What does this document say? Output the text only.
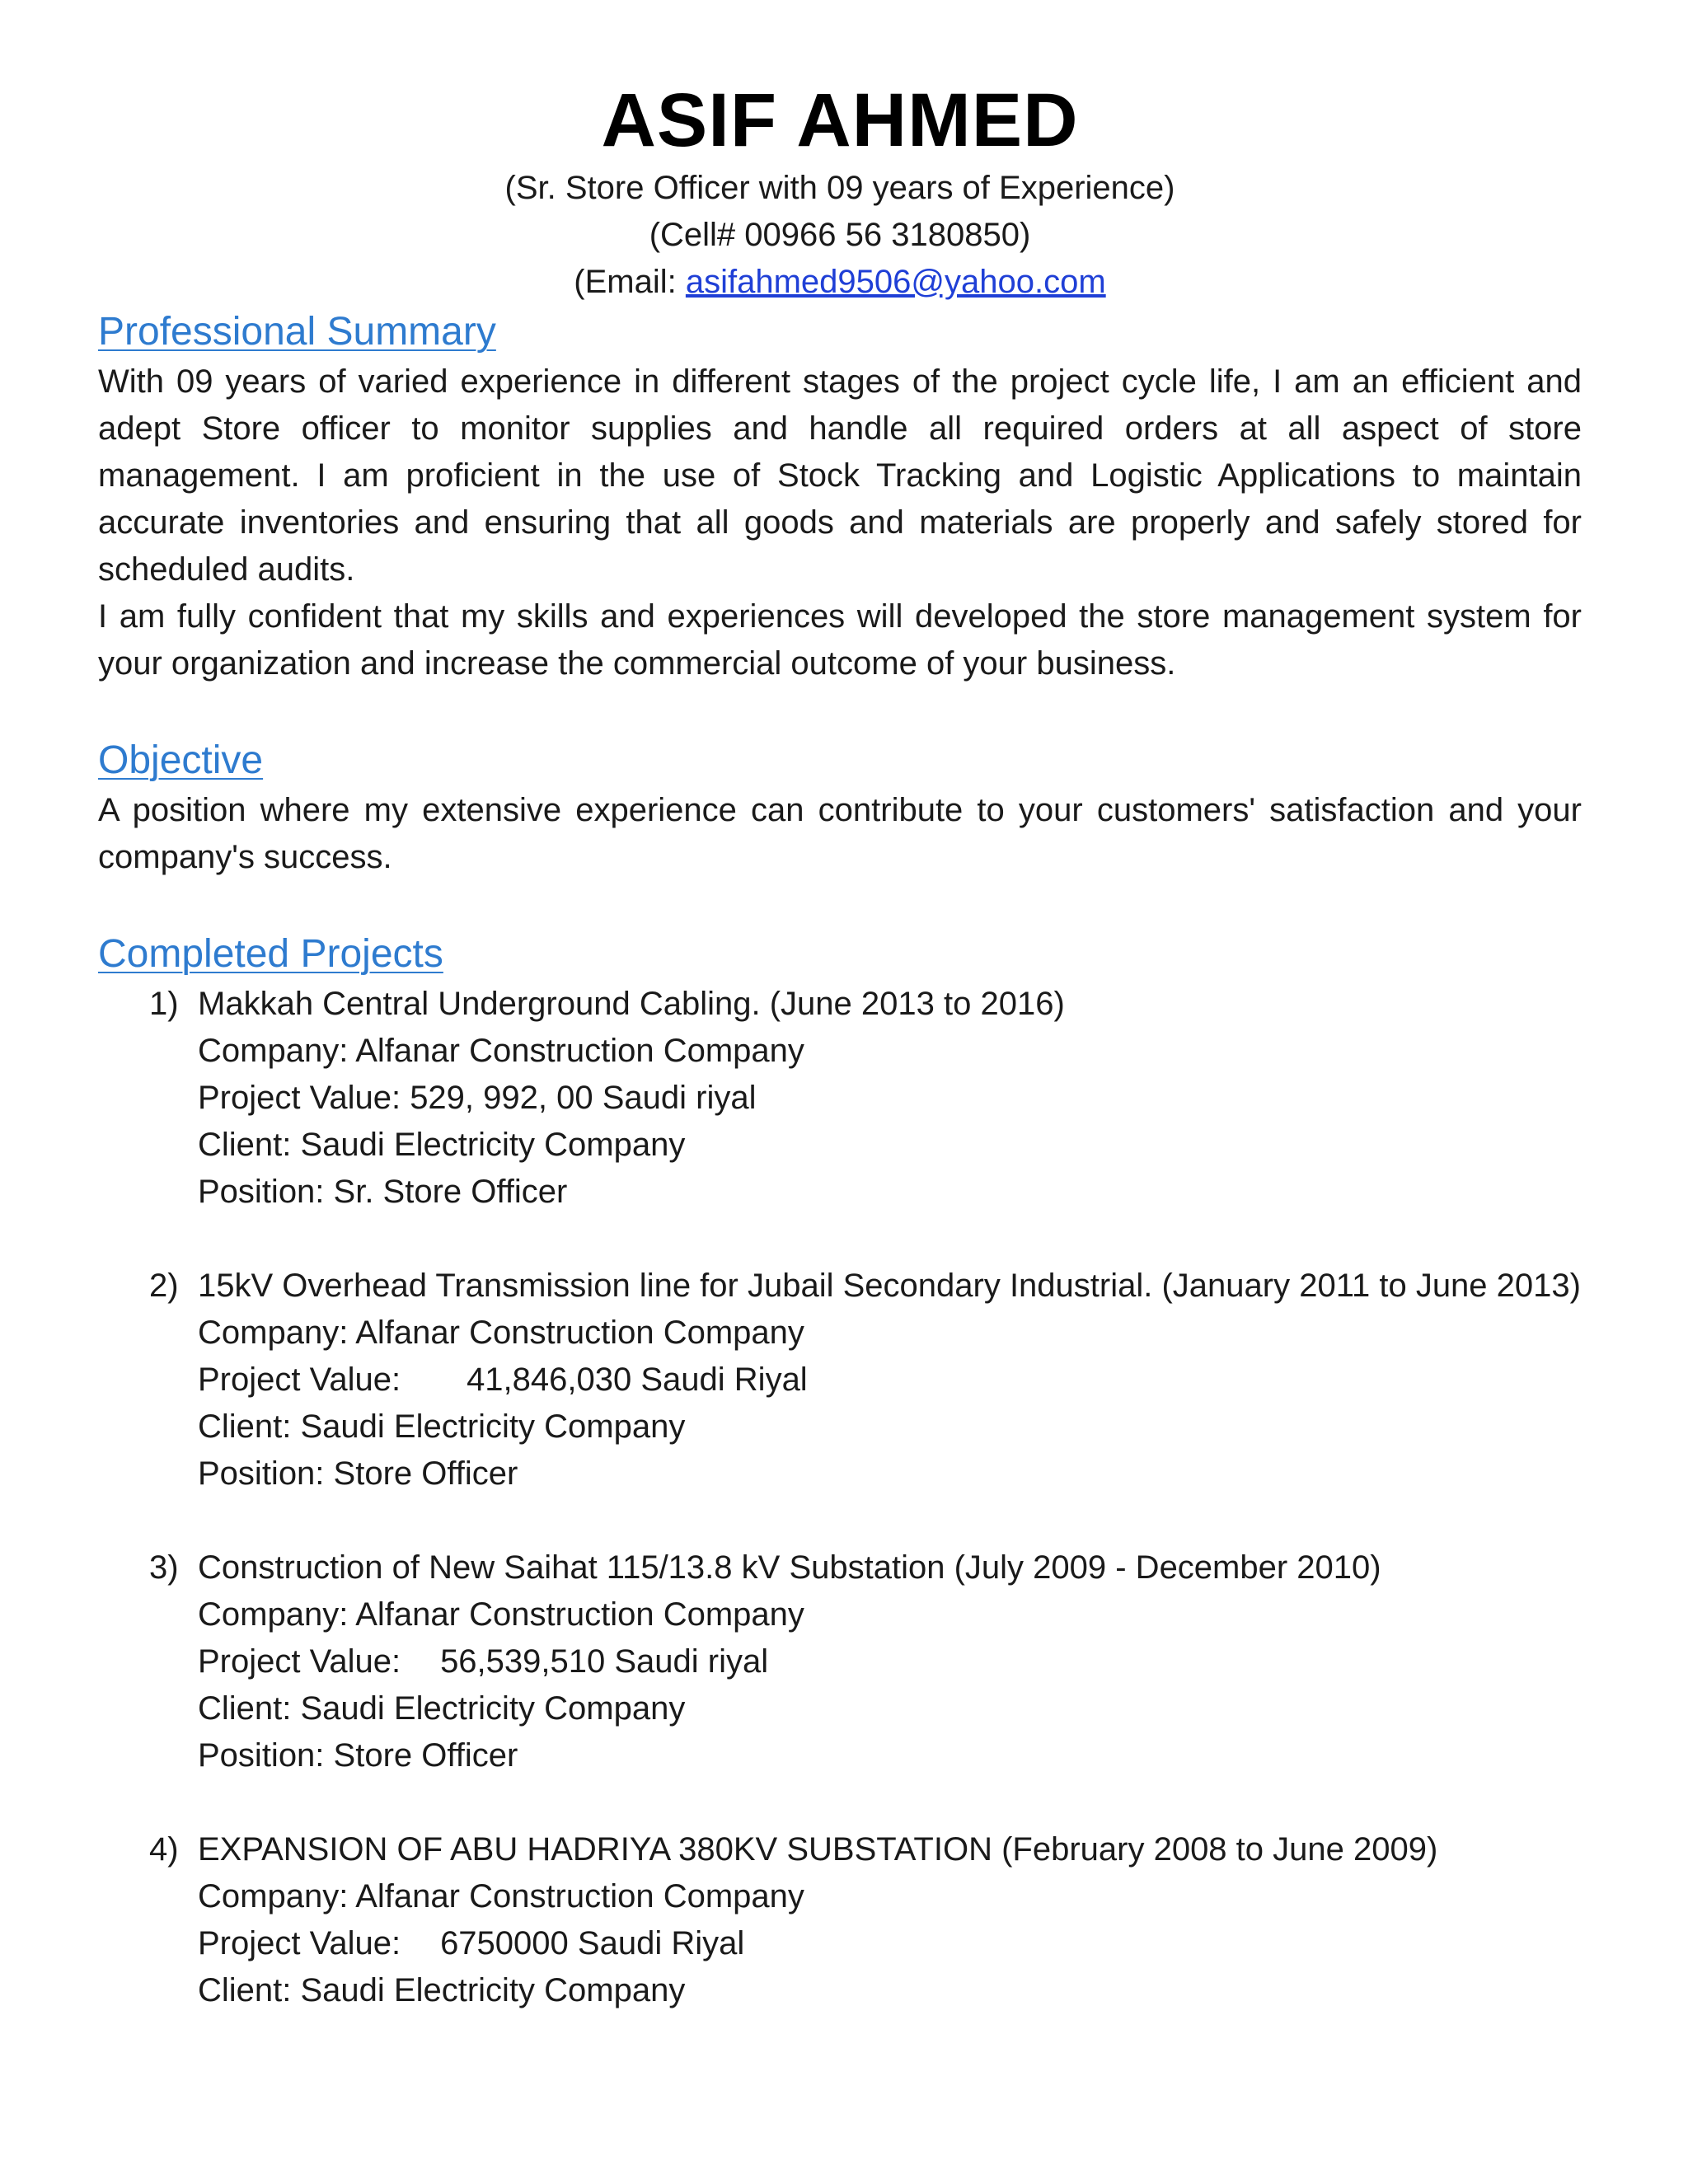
ASIF AHMED

(Sr. Store Officer with 09 years of Experience)

(Cell# 00966 56 3180850)

(Email: asifahmed9506@yahoo.com

Professional Summary

With 09 years of varied experience in different stages of the project cycle life, I am an efficient and adept Store officer to monitor supplies and handle all required orders at all aspect of store management. I am proficient in the use of Stock Tracking and Logistic Applications to maintain accurate inventories and ensuring that all goods and materials are properly and safely stored for scheduled audits.

I am fully confident that my skills and experiences will developed the store management system for your organization and increase the commercial outcome of your business.

Objective

A position where my extensive experience can contribute to your customers' satisfaction and your company's success.

Completed Projects
1) Makkah Central Underground Cabling. (June 2013 to 2016)

Company: Alfanar Construction Company

Project Value: 529, 992, 00 Saudi riyal

Client: Saudi Electricity Company

Position: Sr. Store Officer

2) 15kV Overhead Transmission line for Jubail Secondary Industrial. (January 2011 to June 2013)

Company: Alfanar Construction Company

Project Value: 41,846,030 Saudi Riyal

Client: Saudi Electricity Company

Position: Store Officer

3) Construction of New Saihat 115/13.8 kV Substation (July 2009 - December 2010)

Company: Alfanar Construction Company

Project Value: 56,539,510 Saudi riyal

Client: Saudi Electricity Company

Position: Store Officer

4) EXPANSION OF ABU HADRIYA 380KV SUBSTATION (February 2008 to June 2009)

Company: Alfanar Construction Company

Project Value: 6750000 Saudi Riyal

Client: Saudi Electricity Company
